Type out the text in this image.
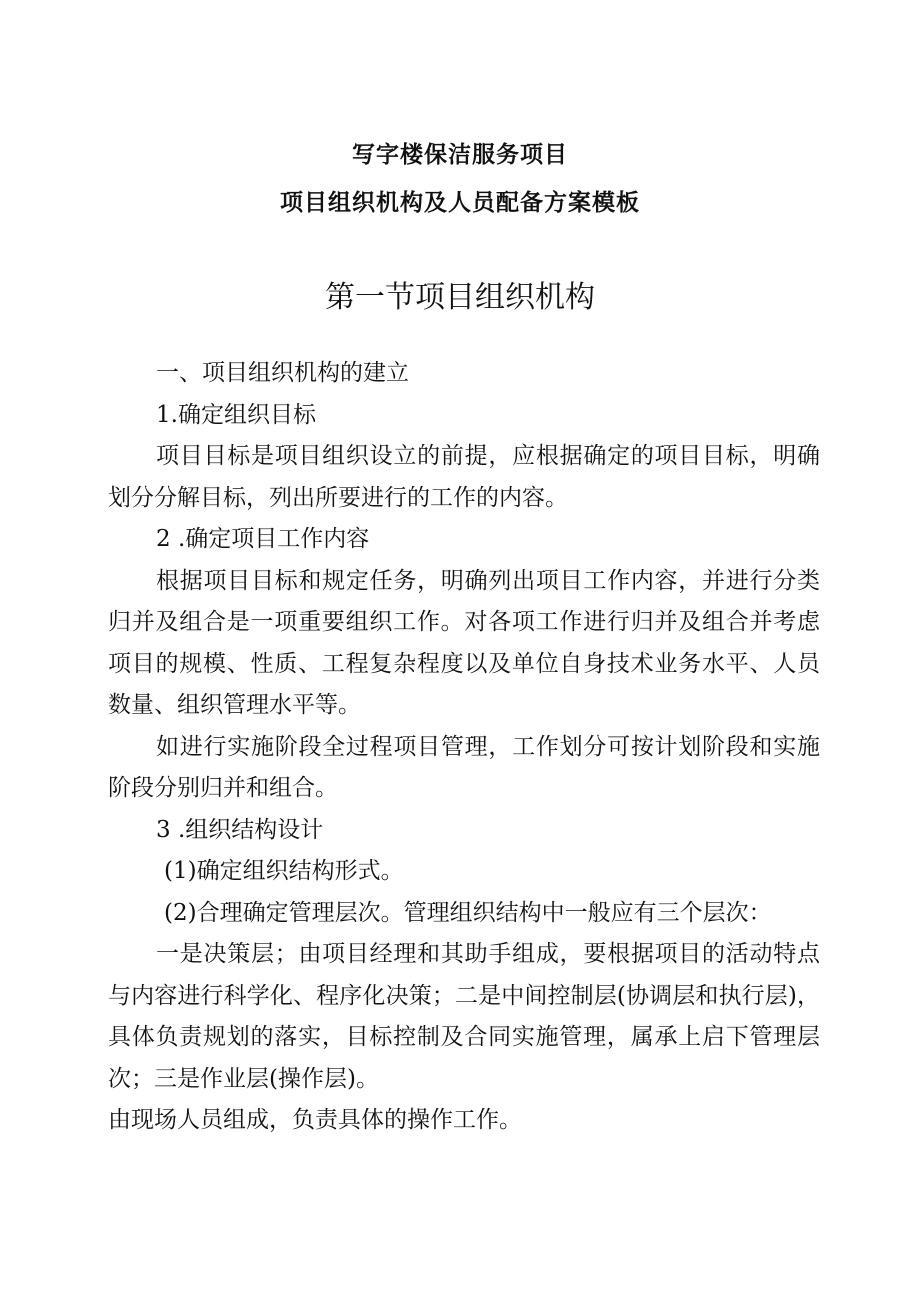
写字楼保洁服务项目
项目组织机构及人员配备方案模板
第一节项目组织机构

一、项目组织机构的建立

1.确定组织目标

项目目标是项目组织设立的前提，应根据确定的项目目标，明确划分分解目标，列出所要进行的工作的内容。

2 .确定项目工作内容

根据项目目标和规定任务，明确列出项目工作内容，并进行分类归并及组合是一项重要组织工作。对各项工作进行归并及组合并考虑项目的规模、性质、工程复杂程度以及单位自身技术业务水平、人员数量、组织管理水平等。

如进行实施阶段全过程项目管理，工作划分可按计划阶段和实施阶段分别归并和组合。

3 .组织结构设计

(1)确定组织结构形式。

(2)合理确定管理层次。管理组织结构中一般应有三个层次：

一是决策层；由项目经理和其助手组成，要根据项目的活动特点与内容进行科学化、程序化决策；二是中间控制层(协调层和执行层)，具体负责规划的落实，目标控制及合同实施管理，属承上启下管理层次；三是作业层(操作层)。

由现场人员组成，负责具体的操作工作。
